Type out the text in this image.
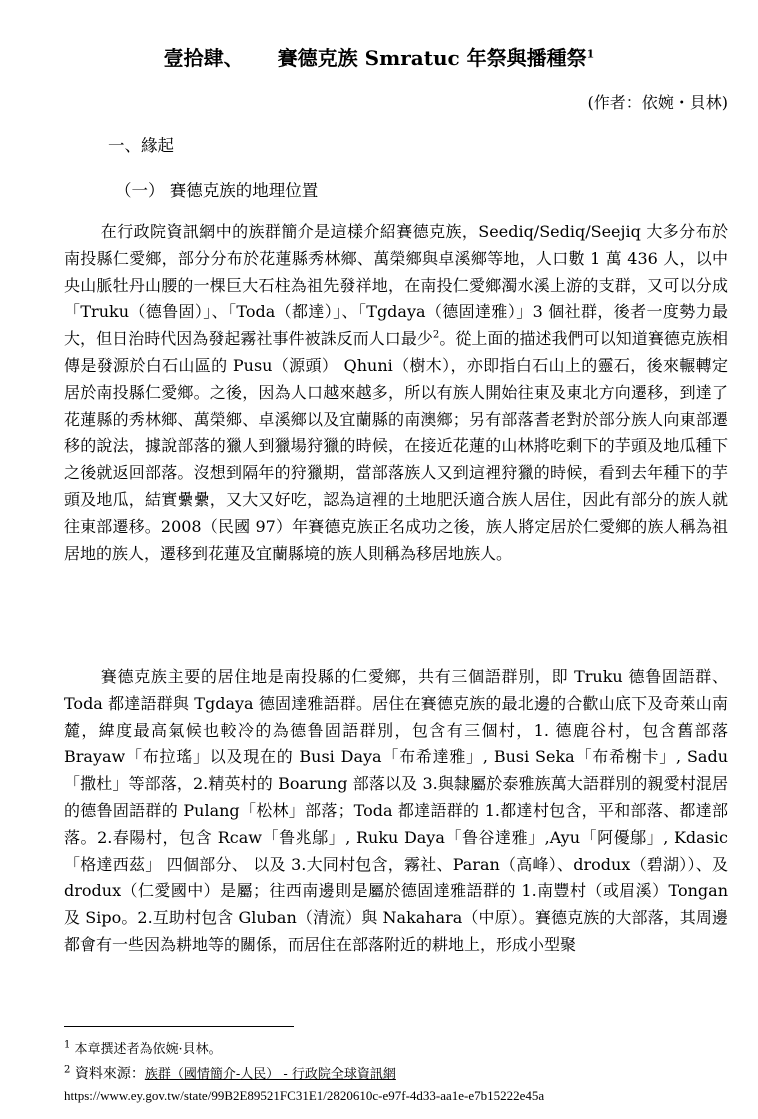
壹拾肆、 賽德克族 Smratuc 年祭與播種祭$^1$
(作者：依婉・貝林)
一、緣起
（一） 賽德克族的地理位置

在行政院資訊網中的族群簡介是這樣介紹賽德克族，Seediq/Sediq/Seejiq 大多分布於南投縣仁愛鄉，部分分布於花蓮縣秀林鄉、萬榮鄉與卓溪鄉等地，人口數 1 萬 436 人，以中央山脈牡丹山腰的一棵巨大石柱為祖先發祥地，在南投仁愛鄉濁水溪上游的支群，又可以分成「Truku（德鲁固）」、「Toda（都達）」、「Tgdaya（德固達雅）」3 個社群，後者一度勢力最大，但日治時代因為發起霧社事件被誅反而人口最少$^2$。從上面的描述我們可以知道賽德克族相傳是發源於白石山區的 Pusu（源頭） Qhuni（樹木），亦即指白石山上的靈石，後來輾轉定居於南投縣仁愛鄉。之後，因為人口越來越多，所以有族人開始往東及東北方向遷移，到達了花蓮縣的秀林鄉、萬榮鄉、卓溪鄉以及宜蘭縣的南澳鄉；另有部落耆老對於部分族人向東部遷移的說法，據說部落的獵人到獵場狩獵的時候，在接近花蓮的山林將吃剩下的芋頭及地瓜種下之後就返回部落。沒想到隔年的狩獵期，當部落族人又到這裡狩獵的時候，看到去年種下的芋頭及地瓜，結實纍纍，又大又好吃，認為這裡的土地肥沃適合族人居住，因此有部分的族人就往東部遷移。2008（民國 97）年賽德克族正名成功之後，族人將定居於仁愛鄉的族人稱為祖居地的族人，遷移到花蓮及宜蘭縣境的族人則稱為移居地族人。

賽德克族主要的居住地是南投縣的仁愛鄉，共有三個語群別，即 Truku 德鲁固語群、Toda 都達語群與 Tgdaya 德固達雅語群。居住在賽德克族的最北邊的合歡山底下及奇萊山南麓，緯度最高氣候也較冷的為德鲁固語群別，包含有三個村，1. 德鹿谷村，包含舊部落 Brayaw「布拉瑤」以及現在的 Busi Daya「布希達雅」, Busi Seka「布希榭卡」, Sadu「撒杜」等部落，2.精英村的 Boarung 部落以及 3.與隸屬於泰雅族萬大語群別的親愛村混居的德鲁固語群的 Pulang「松林」部落；Toda 都達語群的 1.都達村包含，平和部落、都達部落。2.春陽村，包含 Rcaw「鲁兆鄔」, Ruku Daya「鲁谷達雅」,Ayu「阿優鄔」, Kdasic「格達西茲」 四個部分、 以及 3.大同村包含，霧社、Paran（高峰）、drodux（碧湖））、及 drodux（仁愛國中）是屬；往西南邊則是屬於德固達雅語群的 1.南豐村（或眉溪）Tongan 及 Sipo。2.互助村包含 Gluban（清流）與 Nakahara（中原）。賽德克族的大部落，其周邊都會有一些因為耕地等的關係，而居住在部落附近的耕地上，形成小型聚

$^1$ 本章撰述者為依婉·貝林。
$^2$ 資料來源：族群（國情簡介-人民） - 行政院全球資訊網
https://www.ey.gov.tw/state/99B2E89521FC31E1/2820610c-e97f-4d33-aa1e-e7b15222e45a
